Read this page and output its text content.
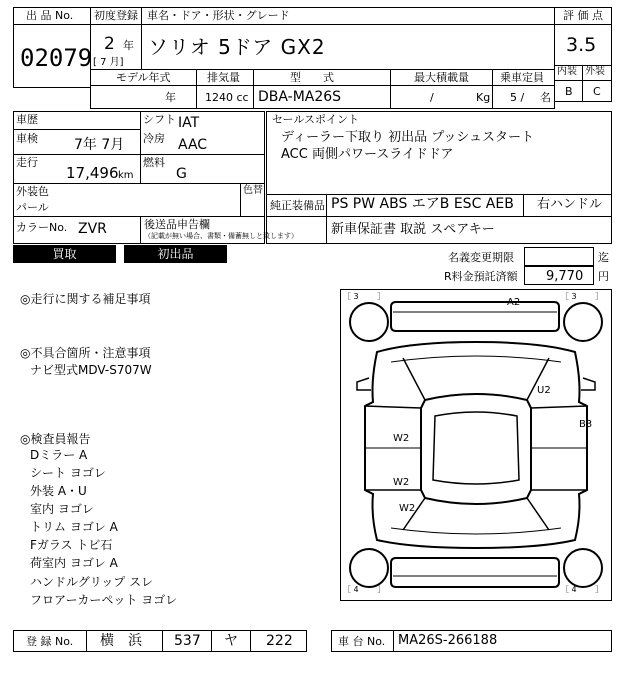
出 品 No.
02079
初度登録 車名・ドア・形状・グレード
2 年
[ 7 月]
ソリオ 5ドア GX2
評 価 点
3.5
内装 外装
B C
モデル年式	排気量	型　　式	最大積載量	乗車定員
年	1240 cc DBA-MA26S	/	Kg 5 / 名
車歴	シフト IAT
車検	7年 7月 冷房 AAC
走行
17,496 km
燃料
G
外装色
パール
色替
カラーNo. ZVR	後送品申告欄
（記載が無い場合、書類・備蓄無しと致します）
セールスポイント
ディーラー下取り 初出品 プッシュスタート
ACC 両側パワースライドドア
純正装備品 PS PW ABS エアB ESC AEB 右ハンドル
新車保証書 取説 スペアキー
買取	初出品	名義変更期限	迄
R料金預託済額 9,770 円
◎走行に関する補足事項
◎不具合箇所・注意事項
ナビ型式MDV-S707W
◎検査員報告
Dミラー A
シート ヨゴレ
外装 A・U
室内 ヨゴレ
トリム ヨゴレ A
Fガラス トビ石
荷室内 ヨゴレ A
ハンドルグリップ スレ
フロアーカーペット ヨゴレ
［ 3 　　］	［ 3 　　］
［ 4 　　］	［ 4 　　］
A2
U2
B3
W2
W2
W2
登 録 No. 横　浜 537 ヤ 222	車 台 No. MA26S-266188
